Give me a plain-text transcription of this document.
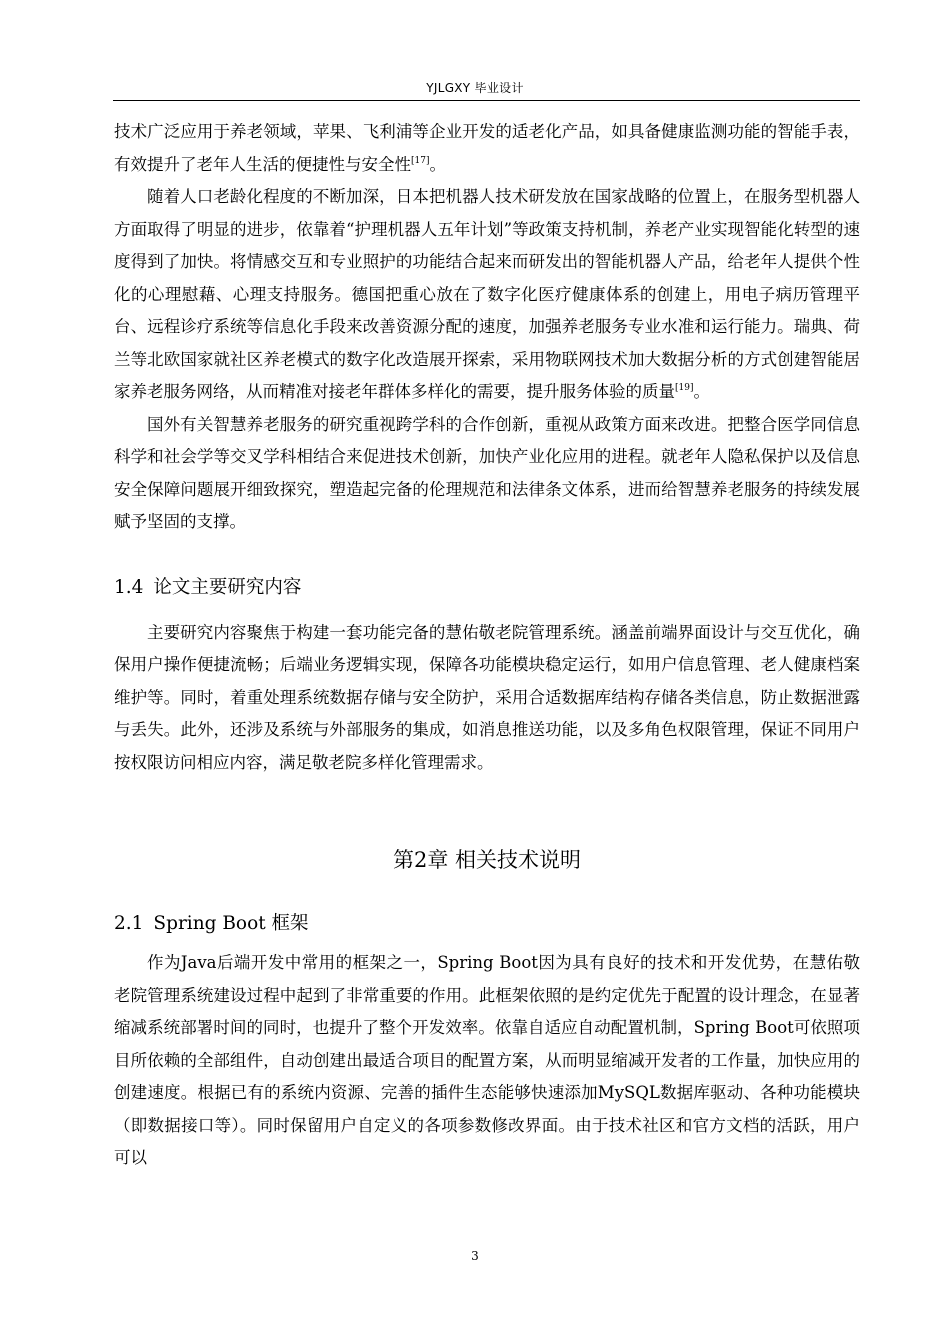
YJLGXY 毕业设计

技术广泛应用于养老领域，苹果、飞利浦等企业开发的适老化产品，如具备健康监测功能的智能手表，有效提升了老年人生活的便捷性与安全性[17]。

随着人口老龄化程度的不断加深，日本把机器人技术研发放在国家战略的位置上，在服务型机器人方面取得了明显的进步，依靠着“护理机器人五年计划”等政策支持机制，养老产业实现智能化转型的速度得到了加快。将情感交互和专业照护的功能结合起来而研发出的智能机器人产品，给老年人提供个性化的心理慰藉、心理支持服务。德国把重心放在了数字化医疗健康体系的创建上，用电子病历管理平台、远程诊疗系统等信息化手段来改善资源分配的速度，加强养老服务专业水准和运行能力。瑞典、荷兰等北欧国家就社区养老模式的数字化改造展开探索，采用物联网技术加大数据分析的方式创建智能居家养老服务网络，从而精准对接老年群体多样化的需要，提升服务体验的质量[19]。

国外有关智慧养老服务的研究重视跨学科的合作创新，重视从政策方面来改进。把整合医学同信息科学和社会学等交叉学科相结合来促进技术创新，加快产业化应用的进程。就老年人隐私保护以及信息安全保障问题展开细致探究，塑造起完备的伦理规范和法律条文体系，进而给智慧养老服务的持续发展赋予坚固的支撑。

1.4 论文主要研究内容

主要研究内容聚焦于构建一套功能完备的慧佑敬老院管理系统。涵盖前端界面设计与交互优化，确保用户操作便捷流畅；后端业务逻辑实现，保障各功能模块稳定运行，如用户信息管理、老人健康档案维护等。同时，着重处理系统数据存储与安全防护，采用合适数据库结构存储各类信息，防止数据泄露与丢失。此外，还涉及系统与外部服务的集成，如消息推送功能，以及多角色权限管理，保证不同用户按权限访问相应内容，满足敬老院多样化管理需求。

第2章 相关技术说明
2.1 Spring Boot 框架

作为Java后端开发中常用的框架之一，Spring Boot因为具有良好的技术和开发优势，在慧佑敬老院管理系统建设过程中起到了非常重要的作用。此框架依照的是约定优先于配置的设计理念，在显著缩减系统部署时间的同时，也提升了整个开发效率。依靠自适应自动配置机制，Spring Boot可依照项目所依赖的全部组件，自动创建出最适合项目的配置方案，从而明显缩减开发者的工作量，加快应用的创建速度。根据已有的系统内资源、完善的插件生态能够快速添加MySQL数据库驱动、各种功能模块（即数据接口等）。同时保留用户自定义的各项参数修改界面。由于技术社区和官方文档的活跃，用户可以

3
